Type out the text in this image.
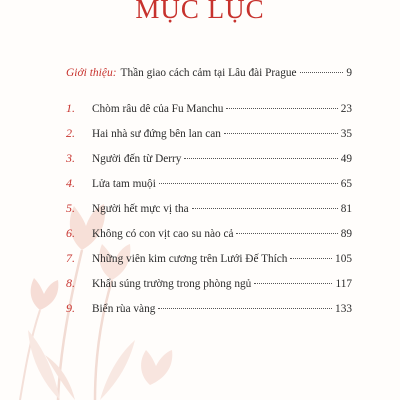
MỤC LỤC
Giới thiệu: Thần giao cách cảm tại Lâu đài Prague	9
1.	Chòm râu dê của Fu Manchu	23
2.	Hai nhà sư đứng bên lan can	35
3.	Người đến từ Derry	49
4.	Lửa tam muội	65
5.	Người hết mực vị tha	81
6.	Không có con vịt cao su nào cả	89
7.	Những viên kim cương trên Lưới Đế Thích	105
8.	Khẩu súng trường trong phòng ngủ	117
9.	Biển rùa vàng	133
